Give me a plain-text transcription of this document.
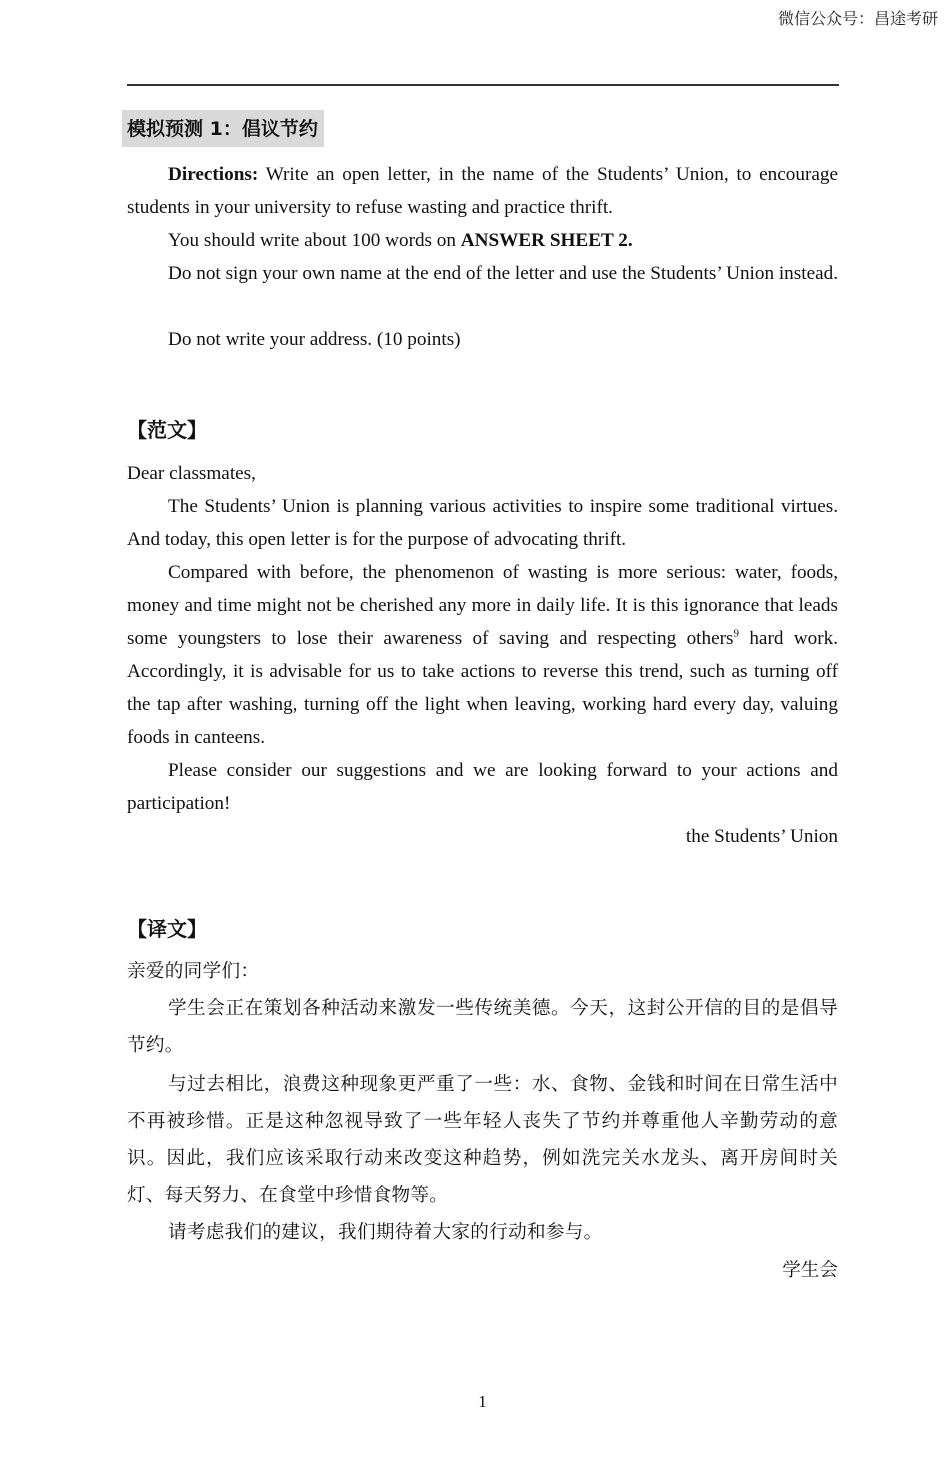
微信公众号：昌途考研
模拟预测 1：倡议节约

Directions: Write an open letter, in the name of the Students’ Union, to encourage students in your university to refuse wasting and practice thrift.

You should write about 100 words on ANSWER SHEET 2.

Do not sign your own name at the end of the letter and use the Students’ Union instead.

Do not write your address. (10 points)
【范文】
Dear classmates,

The Students’ Union is planning various activities to inspire some traditional virtues. And today, this open letter is for the purpose of advocating thrift.

Compared with before, the phenomenon of wasting is more serious: water, foods, money and time might not be cherished any more in daily life. It is this ignorance that leads some youngsters to lose their awareness of saving and respecting others$^9$ hard work. Accordingly, it is advisable for us to take actions to reverse this trend, such as turning off the tap after washing, turning off the light when leaving, working hard every day, valuing foods in canteens.

Please consider our suggestions and we are looking forward to your actions and participation!

the Students’ Union
【译文】
亲爱的同学们：

学生会正在策划各种活动来激发一些传统美德。今天，这封公开信的目的是倡导节约。

与过去相比，浪费这种现象更严重了一些：水、食物、金钱和时间在日常生活中不再被珍惜。正是这种忽视导致了一些年轻人丧失了节约并尊重他人辛勤劳动的意识。因此，我们应该采取行动来改变这种趋势，例如洗完关水龙头、离开房间时关灯、每天努力、在食堂中珍惜食物等。

请考虑我们的建议，我们期待着大家的行动和参与。

学生会
1
